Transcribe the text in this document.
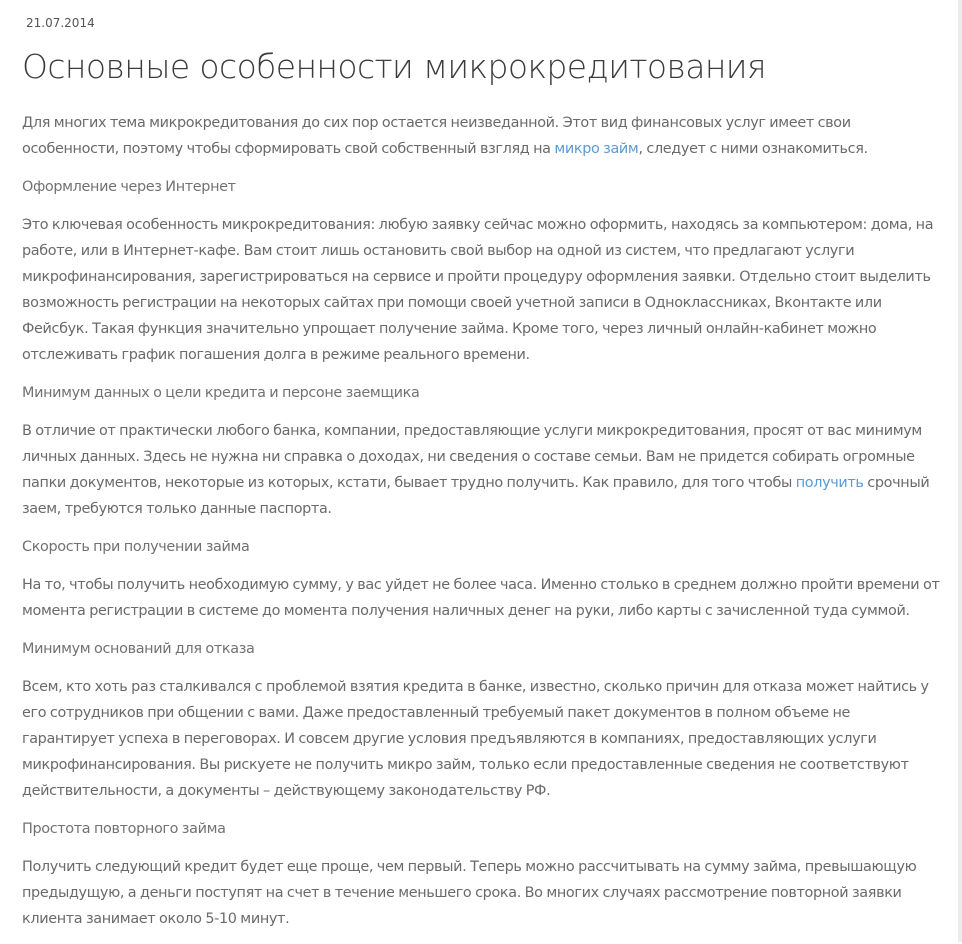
21.07.2014

Основные особенности микрокредитования

Для многих тема микрокредитования до сих пор остается неизведанной. Этот вид финансовых услуг имеет свои особенности, поэтому чтобы сформировать свой собственный взгляд на микро займ, следует с ними ознакомиться.

Оформление через Интернет

Это ключевая особенность микрокредитования: любую заявку сейчас можно оформить, находясь за компьютером: дома, на работе, или в Интернет-кафе. Вам стоит лишь остановить свой выбор на одной из систем, что предлагают услуги микрофинансирования, зарегистрироваться на сервисе и пройти процедуру оформления заявки. Отдельно стоит выделить возможность регистрации на некоторых сайтах при помощи своей учетной записи в Одноклассниках, Вконтакте или Фейсбук. Такая функция значительно упрощает получение займа. Кроме того, через личный онлайн-кабинет можно отслеживать график погашения долга в режиме реального времени.

Минимум данных о цели кредита и персоне заемщика

В отличие от практически любого банка, компании, предоставляющие услуги микрокредитования, просят от вас минимум личных данных. Здесь не нужна ни справка о доходах, ни сведения о составе семьи. Вам не придется собирать огромные папки документов, некоторые из которых, кстати, бывает трудно получить. Как правило, для того чтобы получить срочный заем, требуются только данные паспорта.

Скорость при получении займа

На то, чтобы получить необходимую сумму, у вас уйдет не более часа. Именно столько в среднем должно пройти времени от момента регистрации в системе до момента получения наличных денег на руки, либо карты с зачисленной туда суммой.

Минимум оснований для отказа

Всем, кто хоть раз сталкивался с проблемой взятия кредита в банке, известно, сколько причин для отказа может найтись у его сотрудников при общении с вами. Даже предоставленный требуемый пакет документов в полном объеме не гарантирует успеха в переговорах. И совсем другие условия предъявляются в компаниях, предоставляющих услуги микрофинансирования. Вы рискуете не получить микро займ, только если предоставленные сведения не соответствуют действительности, а документы – действующему законодательству РФ.

Простота повторного займа

Получить следующий кредит будет еще проще, чем первый. Теперь можно рассчитывать на сумму займа, превышающую предыдущую, а деньги поступят на счет в течение меньшего срока. Во многих случаях рассмотрение повторной заявки клиента занимает около 5-10 минут.
